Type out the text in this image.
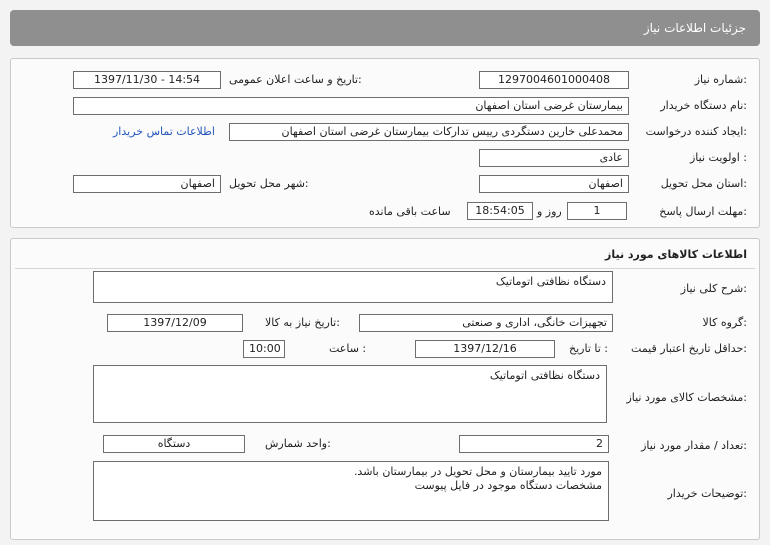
جزئیات اطلاعات نیاز
شماره نیاز:
1297004601000408
تاریخ و ساعت اعلان عمومی:
1397/11/30 - 14:54
نام دستگاه خریدار:
بیمارستان غرضی استان اصفهان
ایجاد کننده درخواست:
محمدعلی خارین دستگردی رییس تدارکات بیمارستان غرضی استان اصفهان
اطلاعات تماس خریدار
اولویت نیاز :
عادی
استان محل تحویل:
اصفهان
شهر محل تحویل:
اصفهان
مهلت ارسال پاسخ:
1
روز و
18:54:05
ساعت باقی مانده
اطلاعات کالاهای مورد نیاز
شرح کلی نیاز:
دستگاه نظافتی اتوماتیک
گروه کالا:
تجهیزات خانگی، اداری و صنعتی
تاریخ نیاز به کالا:
1397/12/09
حداقل تاریخ اعتبار قیمت:
تا تاریخ :
1397/12/16
ساعت :
10:00
مشخصات کالای مورد نیاز:
دستگاه نظافتی اتوماتیک
تعداد / مقدار مورد نیاز:
2
واحد شمارش:
دستگاه
توضیحات خریدار:
مورد تایید بیمارستان و محل تحویل در بیمارستان باشد.
مشخصات دستگاه موجود در فایل پیوست
